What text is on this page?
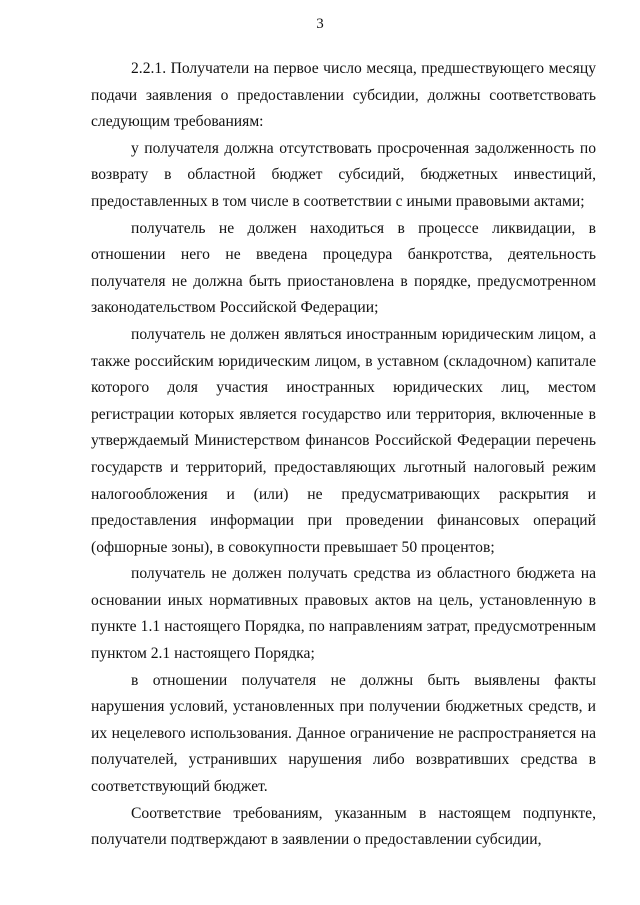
3

2.2.1. Получатели на первое число месяца, предшествующего месяцу подачи заявления о предоставлении субсидии, должны соответствовать следующим требованиям:

у получателя должна отсутствовать просроченная задолженность по возврату в областной бюджет субсидий, бюджетных инвестиций, предоставленных в том числе в соответствии с иными правовыми актами;

получатель не должен находиться в процессе ликвидации, в отношении него не введена процедура банкротства, деятельность получателя не должна быть приостановлена в порядке, предусмотренном законодательством Российской Федерации;

получатель не должен являться иностранным юридическим лицом, а также российским юридическим лицом, в уставном (складочном) капитале которого доля участия иностранных юридических лиц, местом регистрации которых является государство или территория, включенные в утверждаемый Министерством финансов Российской Федерации перечень государств и территорий, предоставляющих льготный налоговый режим налогообложения и (или) не предусматривающих раскрытия и предоставления информации при проведении финансовых операций (офшорные зоны), в совокупности превышает 50 процентов;

получатель не должен получать средства из областного бюджета на основании иных нормативных правовых актов на цель, установленную в пункте 1.1 настоящего Порядка, по направлениям затрат, предусмотренным пунктом 2.1 настоящего Порядка;

в отношении получателя не должны быть выявлены факты нарушения условий, установленных при получении бюджетных средств, и их нецелевого использования. Данное ограничение не распространяется на получателей, устранивших нарушения либо возвративших средства в соответствующий бюджет.

Соответствие требованиям, указанным в настоящем подпункте, получатели подтверждают в заявлении о предоставлении субсидии,
